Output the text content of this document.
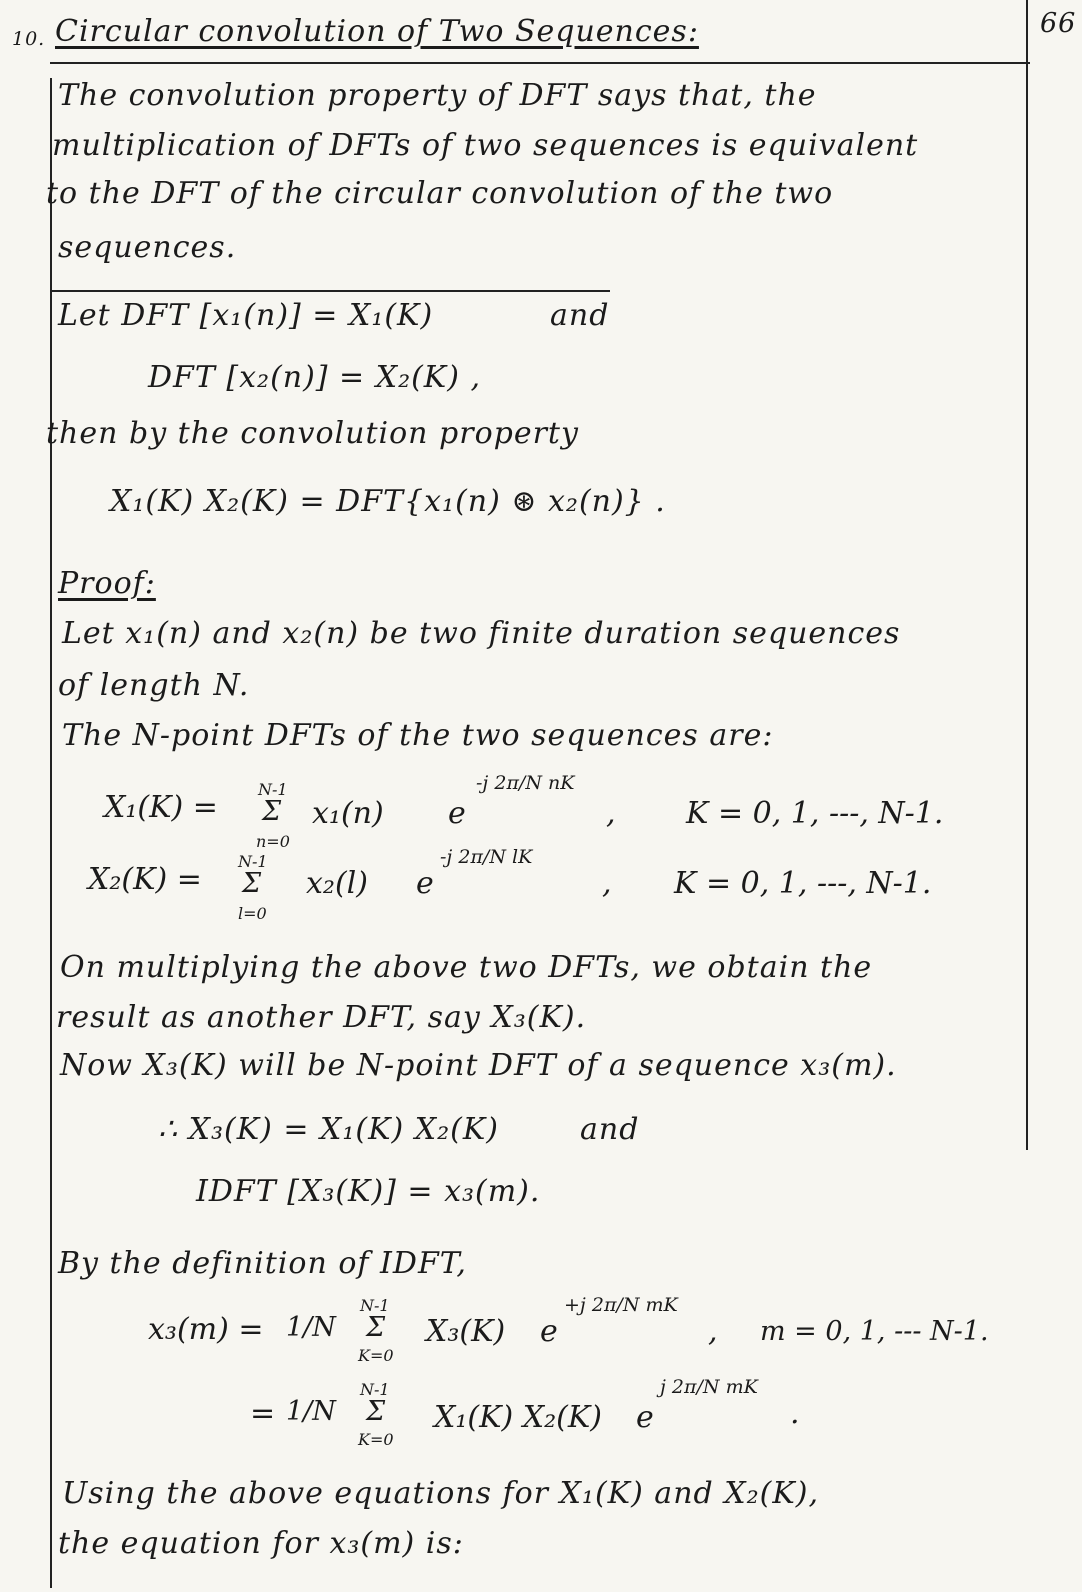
10. Circular convolution of Two Sequences:	66
The convolution property of DFT says that, the
multiplication of DFTs of two sequences is equivalent
to the DFT of the circular convolution of the two
sequences.
Let DFT [x₁(n)] = X₁(K)	and
DFT [x₂(n)] = X₂(K) ,
then by the convolution property
X₁(K) X₂(K) = DFT{x₁(n) ⊛ x₂(n)} .
Proof:
Let x₁(n) and x₂(n) be two finite duration sequences
of length N.
The N-point DFTs of the two sequences are:
X₁(K) =
N-1
Σ
n=0
x₁(n) e
-j 2π/N nK
, K = 0, 1, ---, N-1.
X₂(K) =
N-1
Σ
l=0
x₂(l) e
-j 2π/N lK
, K = 0, 1, ---, N-1.
On multiplying the above two DFTs, we obtain the
result as another DFT, say X₃(K).
Now X₃(K) will be N-point DFT of a sequence x₃(m).
∴ X₃(K) = X₁(K) X₂(K)	and
IDFT [X₃(K)] = x₃(m).
By the definition of IDFT,
x₃(m) = 1/N
N-1
Σ
K=0
X₃(K) e
+j 2π/N mK
, m = 0, 1, --- N-1.
= 1/N
N-1
Σ
K=0
X₁(K) X₂(K) e
j 2π/N mK
.
Using the above equations for X₁(K) and X₂(K),
the equation for x₃(m) is:
